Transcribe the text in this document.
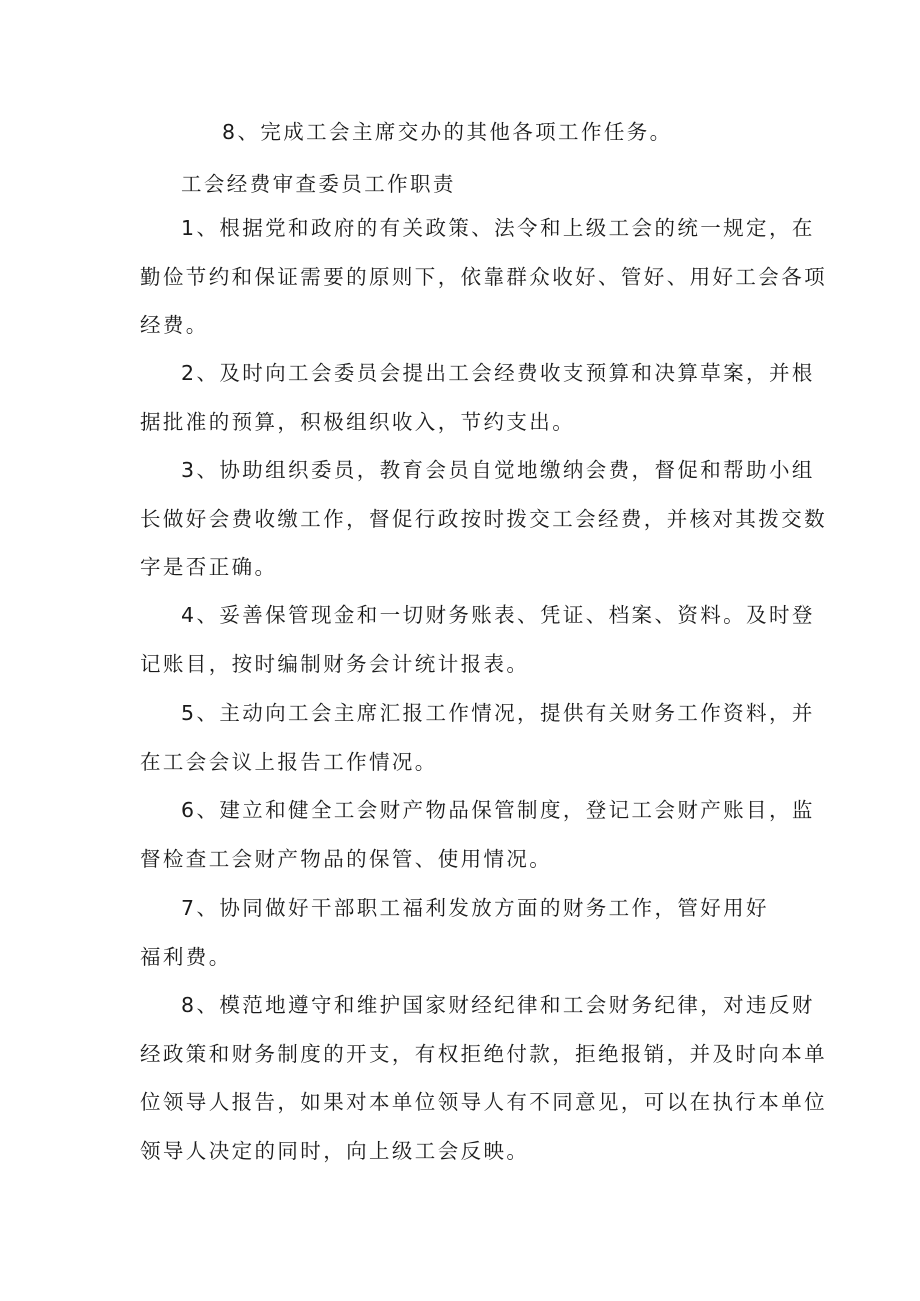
8、完成工会主席交办的其他各项工作任务。
工会经费审查委员工作职责
1、根据党和政府的有关政策、法令和上级工会的统一规定，在
勤俭节约和保证需要的原则下，依靠群众收好、管好、用好工会各项
经费。
2、及时向工会委员会提出工会经费收支预算和决算草案，并根
据批准的预算，积极组织收入，节约支出。
3、协助组织委员，教育会员自觉地缴纳会费，督促和帮助小组
长做好会费收缴工作，督促行政按时拨交工会经费，并核对其拨交数
字是否正确。
4、妥善保管现金和一切财务账表、凭证、档案、资料。及时登
记账目，按时编制财务会计统计报表。
5、主动向工会主席汇报工作情况，提供有关财务工作资料，并
在工会会议上报告工作情况。
6、建立和健全工会财产物品保管制度，登记工会财产账目，监
督检查工会财产物品的保管、使用情况。
7、协同做好干部职工福利发放方面的财务工作，管好用好
福利费。
8、模范地遵守和维护国家财经纪律和工会财务纪律，对违反财
经政策和财务制度的开支，有权拒绝付款，拒绝报销，并及时向本单
位领导人报告，如果对本单位领导人有不同意见，可以在执行本单位
领导人决定的同时，向上级工会反映。
